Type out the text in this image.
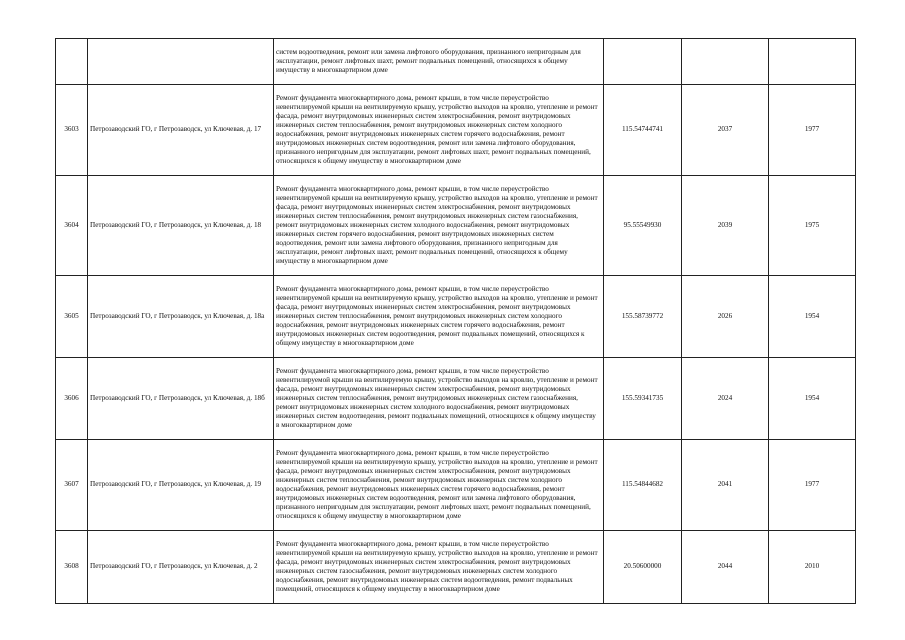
		систем водоотведения, ремонт или замена лифтового оборудования, признанного непригодным для эксплуатации, ремонт лифтовых шахт, ремонт подвальных помещений, относящихся к общему имуществу в многоквартирном доме			
3603	Петрозаводский ГО, г Петрозаводск, ул Ключевая, д. 17	Ремонт фундамента многоквартирного дома, ремонт крыши, в том числе переустройство невентилируемой крыши на вентилируемую крышу, устройство выходов на кровлю, утепление и ремонт фасада, ремонт внутридомовых инженерных систем электроснабжения, ремонт внутридомовых инженерных систем теплоснабжения, ремонт внутридомовых инженерных систем холодного водоснабжения, ремонт внутридомовых инженерных систем горячего водоснабжения, ремонт внутридомовых инженерных систем водоотведения, ремонт или замена лифтового оборудования, признанного непригодным для эксплуатации, ремонт лифтовых шахт, ремонт подвальных помещений, относящихся к общему имуществу в многоквартирном доме	115.54744741	2037	1977
3604	Петрозаводский ГО, г Петрозаводск, ул Ключевая, д. 18	Ремонт фундамента многоквартирного дома, ремонт крыши, в том числе переустройство невентилируемой крыши на вентилируемую крышу, устройство выходов на кровлю, утепление и ремонт фасада, ремонт внутридомовых инженерных систем электроснабжения, ремонт внутридомовых инженерных систем теплоснабжения, ремонт внутридомовых инженерных систем газоснабжения, ремонт внутридомовых инженерных систем холодного водоснабжения, ремонт внутридомовых инженерных систем горячего водоснабжения, ремонт внутридомовых инженерных систем водоотведения, ремонт или замена лифтового оборудования, признанного непригодным для эксплуатации, ремонт лифтовых шахт, ремонт подвальных помещений, относящихся к общему имуществу в многоквартирном доме	95.55549930	2039	1975
3605	Петрозаводский ГО, г Петрозаводск, ул Ключевая, д. 18а	Ремонт фундамента многоквартирного дома, ремонт крыши, в том числе переустройство невентилируемой крыши на вентилируемую крышу, устройство выходов на кровлю, утепление и ремонт фасада, ремонт внутридомовых инженерных систем электроснабжения, ремонт внутридомовых инженерных систем теплоснабжения, ремонт внутридомовых инженерных систем холодного водоснабжения, ремонт внутридомовых инженерных систем горячего водоснабжения, ремонт внутридомовых инженерных систем водоотведения, ремонт подвальных помещений, относящихся к общему имуществу в многоквартирном доме	155.58739772	2026	1954
3606	Петрозаводский ГО, г Петрозаводск, ул Ключевая, д. 18б	Ремонт фундамента многоквартирного дома, ремонт крыши, в том числе переустройство невентилируемой крыши на вентилируемую крышу, устройство выходов на кровлю, утепление и ремонт фасада, ремонт внутридомовых инженерных систем электроснабжения, ремонт внутридомовых инженерных систем теплоснабжения, ремонт внутридомовых инженерных систем газоснабжения, ремонт внутридомовых инженерных систем холодного водоснабжения, ремонт внутридомовых инженерных систем водоотведения, ремонт подвальных помещений, относящихся к общему имуществу в многоквартирном доме	155.59341735	2024	1954
3607	Петрозаводский ГО, г Петрозаводск, ул Ключевая, д. 19	Ремонт фундамента многоквартирного дома, ремонт крыши, в том числе переустройство невентилируемой крыши на вентилируемую крышу, устройство выходов на кровлю, утепление и ремонт фасада, ремонт внутридомовых инженерных систем электроснабжения, ремонт внутридомовых инженерных систем теплоснабжения, ремонт внутридомовых инженерных систем холодного водоснабжения, ремонт внутридомовых инженерных систем горячего водоснабжения, ремонт внутридомовых инженерных систем водоотведения, ремонт или замена лифтового оборудования, признанного непригодным для эксплуатации, ремонт лифтовых шахт, ремонт подвальных помещений, относящихся к общему имуществу в многоквартирном доме	115.54844682	2041	1977
3608	Петрозаводский ГО, г Петрозаводск, ул Ключевая, д. 2	Ремонт фундамента многоквартирного дома, ремонт крыши, в том числе переустройство невентилируемой крыши на вентилируемую крышу, устройство выходов на кровлю, утепление и ремонт фасада, ремонт внутридомовых инженерных систем электроснабжения, ремонт внутридомовых инженерных систем газоснабжения, ремонт внутридомовых инженерных систем холодного водоснабжения, ремонт внутридомовых инженерных систем водоотведения, ремонт подвальных помещений, относящихся к общему имуществу в многоквартирном доме	20.50600000	2044	2010
